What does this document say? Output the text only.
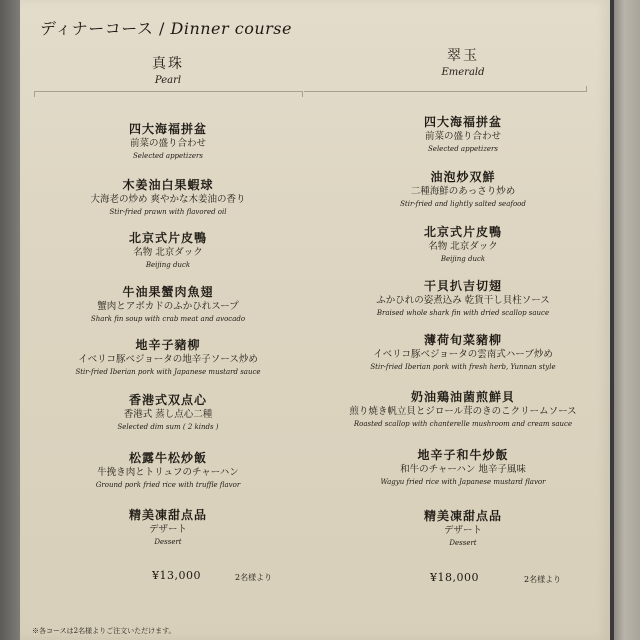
ディナーコース / Dinner course
真珠
Pearl
四大海福拼盆
前菜の盛り合わせ
Selected appetizers
木姜油白果蝦球
大海老の炒め 爽やかな木姜油の香り
Stir-fried prawn with flavored oil
北京式片皮鴨
名物 北京ダック
Beijing duck
牛油果蟹肉魚翅
蟹肉とアボカドのふかひれスープ
Shark fin soup with crab meat and avocado
地辛子豬柳
イベリコ豚ベジョータの地辛子ソース炒め
Stir-fried Iberian pork with Japanese mustard sauce
香港式双点心
香港式 蒸し点心二種
Selected dim sum ( 2 kinds )
松露牛松炒飯
牛挽き肉とトリュフのチャーハン
Ground pork fried rice with truffle flavor
精美凍甜点品
デザート
Dessert
¥13,000	2名様より
翠玉
Emerald
四大海福拼盆
前菜の盛り合わせ
Selected appetizers
油泡炒双鮮
二種海鮮のあっさり炒め
Stir-fried and lightly salted seafood
北京式片皮鴨
名物 北京ダック
Beijing duck
干貝扒吉切翅
ふかひれの姿煮込み 乾貨干し貝柱ソース
Braised whole shark fin with dried scallop sauce
薄荷旬菜豬柳
イベリコ豚ベジョータの雲南式ハーブ炒め
Stir-fried Iberian pork with fresh herb, Yunnan style
奶油鶏油菌煎鮮貝
煎り焼き帆立貝とジロール茸のきのこクリームソース
Roasted scallop with chanterelle mushroom and cream sauce
地辛子和牛炒飯
和牛のチャーハン 地辛子風味
Wagyu fried rice with Japanese mustard flavor
精美凍甜点品
デザート
Dessert
¥18,000	2名様より
※各コースは2名様よりご注文いただけます。
